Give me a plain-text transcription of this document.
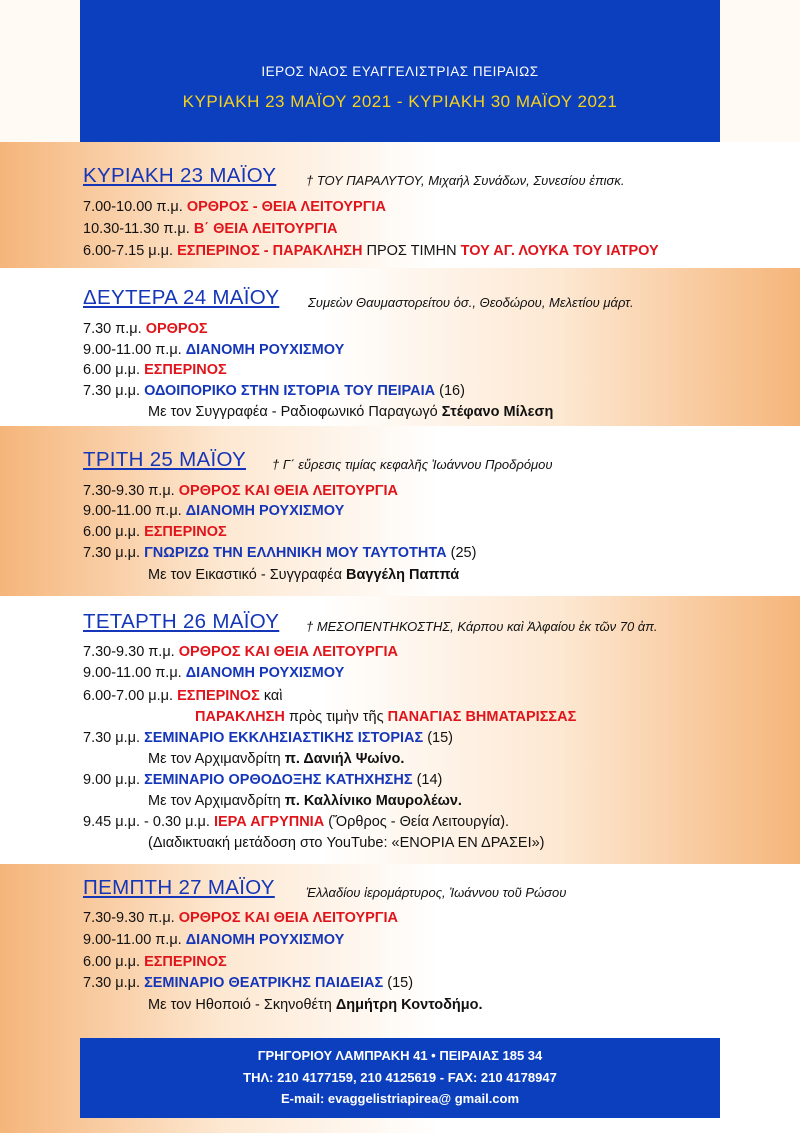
ΙΕΡΟΣ ΝΑΟΣ ΕΥΑΓΓΕΛΙΣΤΡΙΑΣ ΠΕΙΡΑΙΩΣ
ΚΥΡΙΑΚΗ 23 ΜΑΪΟΥ 2021 - ΚΥΡΙΑΚΗ 30 ΜΑΪΟΥ 2021
ΚΥΡΙΑΚΗ 23 ΜΑΪΟΥ † ΤΟΥ ΠΑΡΑΛΥΤΟΥ, Μιχαήλ Συνάδων, Συνεσίου ἐπισκ.
7.00-10.00 π.μ. ΟΡΘΡΟΣ - ΘΕΙΑ ΛΕΙΤΟΥΡΓΙΑ
10.30-11.30 π.μ. Β΄ ΘΕΙΑ ΛΕΙΤΟΥΡΓΙΑ
6.00-7.15 μ.μ. ΕΣΠΕΡΙΝΟΣ - ΠΑΡΑΚΛΗΣΗ ΠΡΟΣ ΤΙΜΗΝ ΤΟΥ ΑΓ. ΛΟΥΚΑ ΤΟΥ ΙΑΤΡΟΥ
ΔΕΥΤΕΡΑ 24 ΜΑΪΟΥ Συμεὼν Θαυμαστορείτου ὁσ., Θεοδώρου, Μελετίου μάρτ.
7.30 π.μ. ΟΡΘΡΟΣ
9.00-11.00 π.μ. ΔΙΑΝΟΜΗ ΡΟΥΧΙΣΜΟΥ
6.00 μ.μ. ΕΣΠΕΡΙΝΟΣ
7.30 μ.μ. ΟΔΟΙΠΟΡΙΚΟ ΣΤΗΝ ΙΣΤΟΡΙΑ ΤΟΥ ΠΕΙΡΑΙΑ (16)
Με τον Συγγραφέα - Ραδιοφωνικό Παραγωγό Στέφανο Μίλεση
ΤΡΙΤΗ 25 ΜΑΪΟΥ † Γ΄ εὕρεσις τιμίας κεφαλῆς Ἰωάννου Προδρόμου
7.30-9.30 π.μ. ΟΡΘΡΟΣ ΚΑΙ ΘΕΙΑ ΛΕΙΤΟΥΡΓΙΑ
9.00-11.00 π.μ. ΔΙΑΝΟΜΗ ΡΟΥΧΙΣΜΟΥ
6.00 μ.μ. ΕΣΠΕΡΙΝΟΣ
7.30 μ.μ. ΓΝΩΡΙΖΩ ΤΗΝ ΕΛΛΗΝΙΚΗ ΜΟΥ ΤΑΥΤΟΤΗΤΑ (25)
Με τον Εικαστικό - Συγγραφέα Βαγγέλη Παππά
ΤΕΤΑΡΤΗ 26 ΜΑΪΟΥ † ΜΕΣΟΠΕΝΤΗΚΟΣΤΗΣ, Κάρπου καὶ Ἀλφαίου ἐκ τῶν 70 ἀπ.
7.30-9.30 π.μ. ΟΡΘΡΟΣ ΚΑΙ ΘΕΙΑ ΛΕΙΤΟΥΡΓΙΑ
9.00-11.00 π.μ. ΔΙΑΝΟΜΗ ΡΟΥΧΙΣΜΟΥ
6.00-7.00 μ.μ. ΕΣΠΕΡΙΝΟΣ καὶ
ΠΑΡΑΚΛΗΣΗ πρὸς τιμὴν τῆς ΠΑΝΑΓΙΑΣ ΒΗΜΑΤΑΡΙΣΣΑΣ
7.30 μ.μ. ΣΕΜΙΝΑΡΙΟ ΕΚΚΛΗΣΙΑΣΤΙΚΗΣ ΙΣΤΟΡΙΑΣ (15)
Με τον Αρχιμανδρίτη π. Δανιήλ Ψωίνο.
9.00 μ.μ. ΣΕΜΙΝΑΡΙΟ ΟΡΘΟΔΟΞΗΣ ΚΑΤΗΧΗΣΗΣ (14)
Με τον Αρχιμανδρίτη π. Καλλίνικο Μαυρολέων.
9.45 μ.μ. - 0.30 μ.μ. ΙΕΡΑ ΑΓΡΥΠΝΙΑ (Ὄρθρος - Θεία Λειτουργία).
(Διαδικτυακή μετάδοση στο YouTube: «ΕΝΟΡΙΑ ΕΝ ΔΡΑΣΕΙ»)
ΠΕΜΠΤΗ 27 ΜΑΪΟΥ Ἑλλαδίου ἱερομάρτυρος, Ἰωάννου τοῦ Ρώσου
7.30-9.30 π.μ. ΟΡΘΡΟΣ ΚΑΙ ΘΕΙΑ ΛΕΙΤΟΥΡΓΙΑ
9.00-11.00 π.μ. ΔΙΑΝΟΜΗ ΡΟΥΧΙΣΜΟΥ
6.00 μ.μ. ΕΣΠΕΡΙΝΟΣ
7.30 μ.μ. ΣΕΜΙΝΑΡΙΟ ΘΕΑΤΡΙΚΗΣ ΠΑΙΔΕΙΑΣ (15)
Με τον Ηθοποιό - Σκηνοθέτη Δημήτρη Κοντοδήμο.
ΓΡΗΓΟΡΙΟΥ ΛΑΜΠΡΑΚΗ 41 • ΠΕΙΡΑΙΑΣ 185 34
ΤΗΛ: 210 4177159, 210 4125619 - FAX: 210 4178947
E-mail: evaggelistriapirea@ gmail.com
